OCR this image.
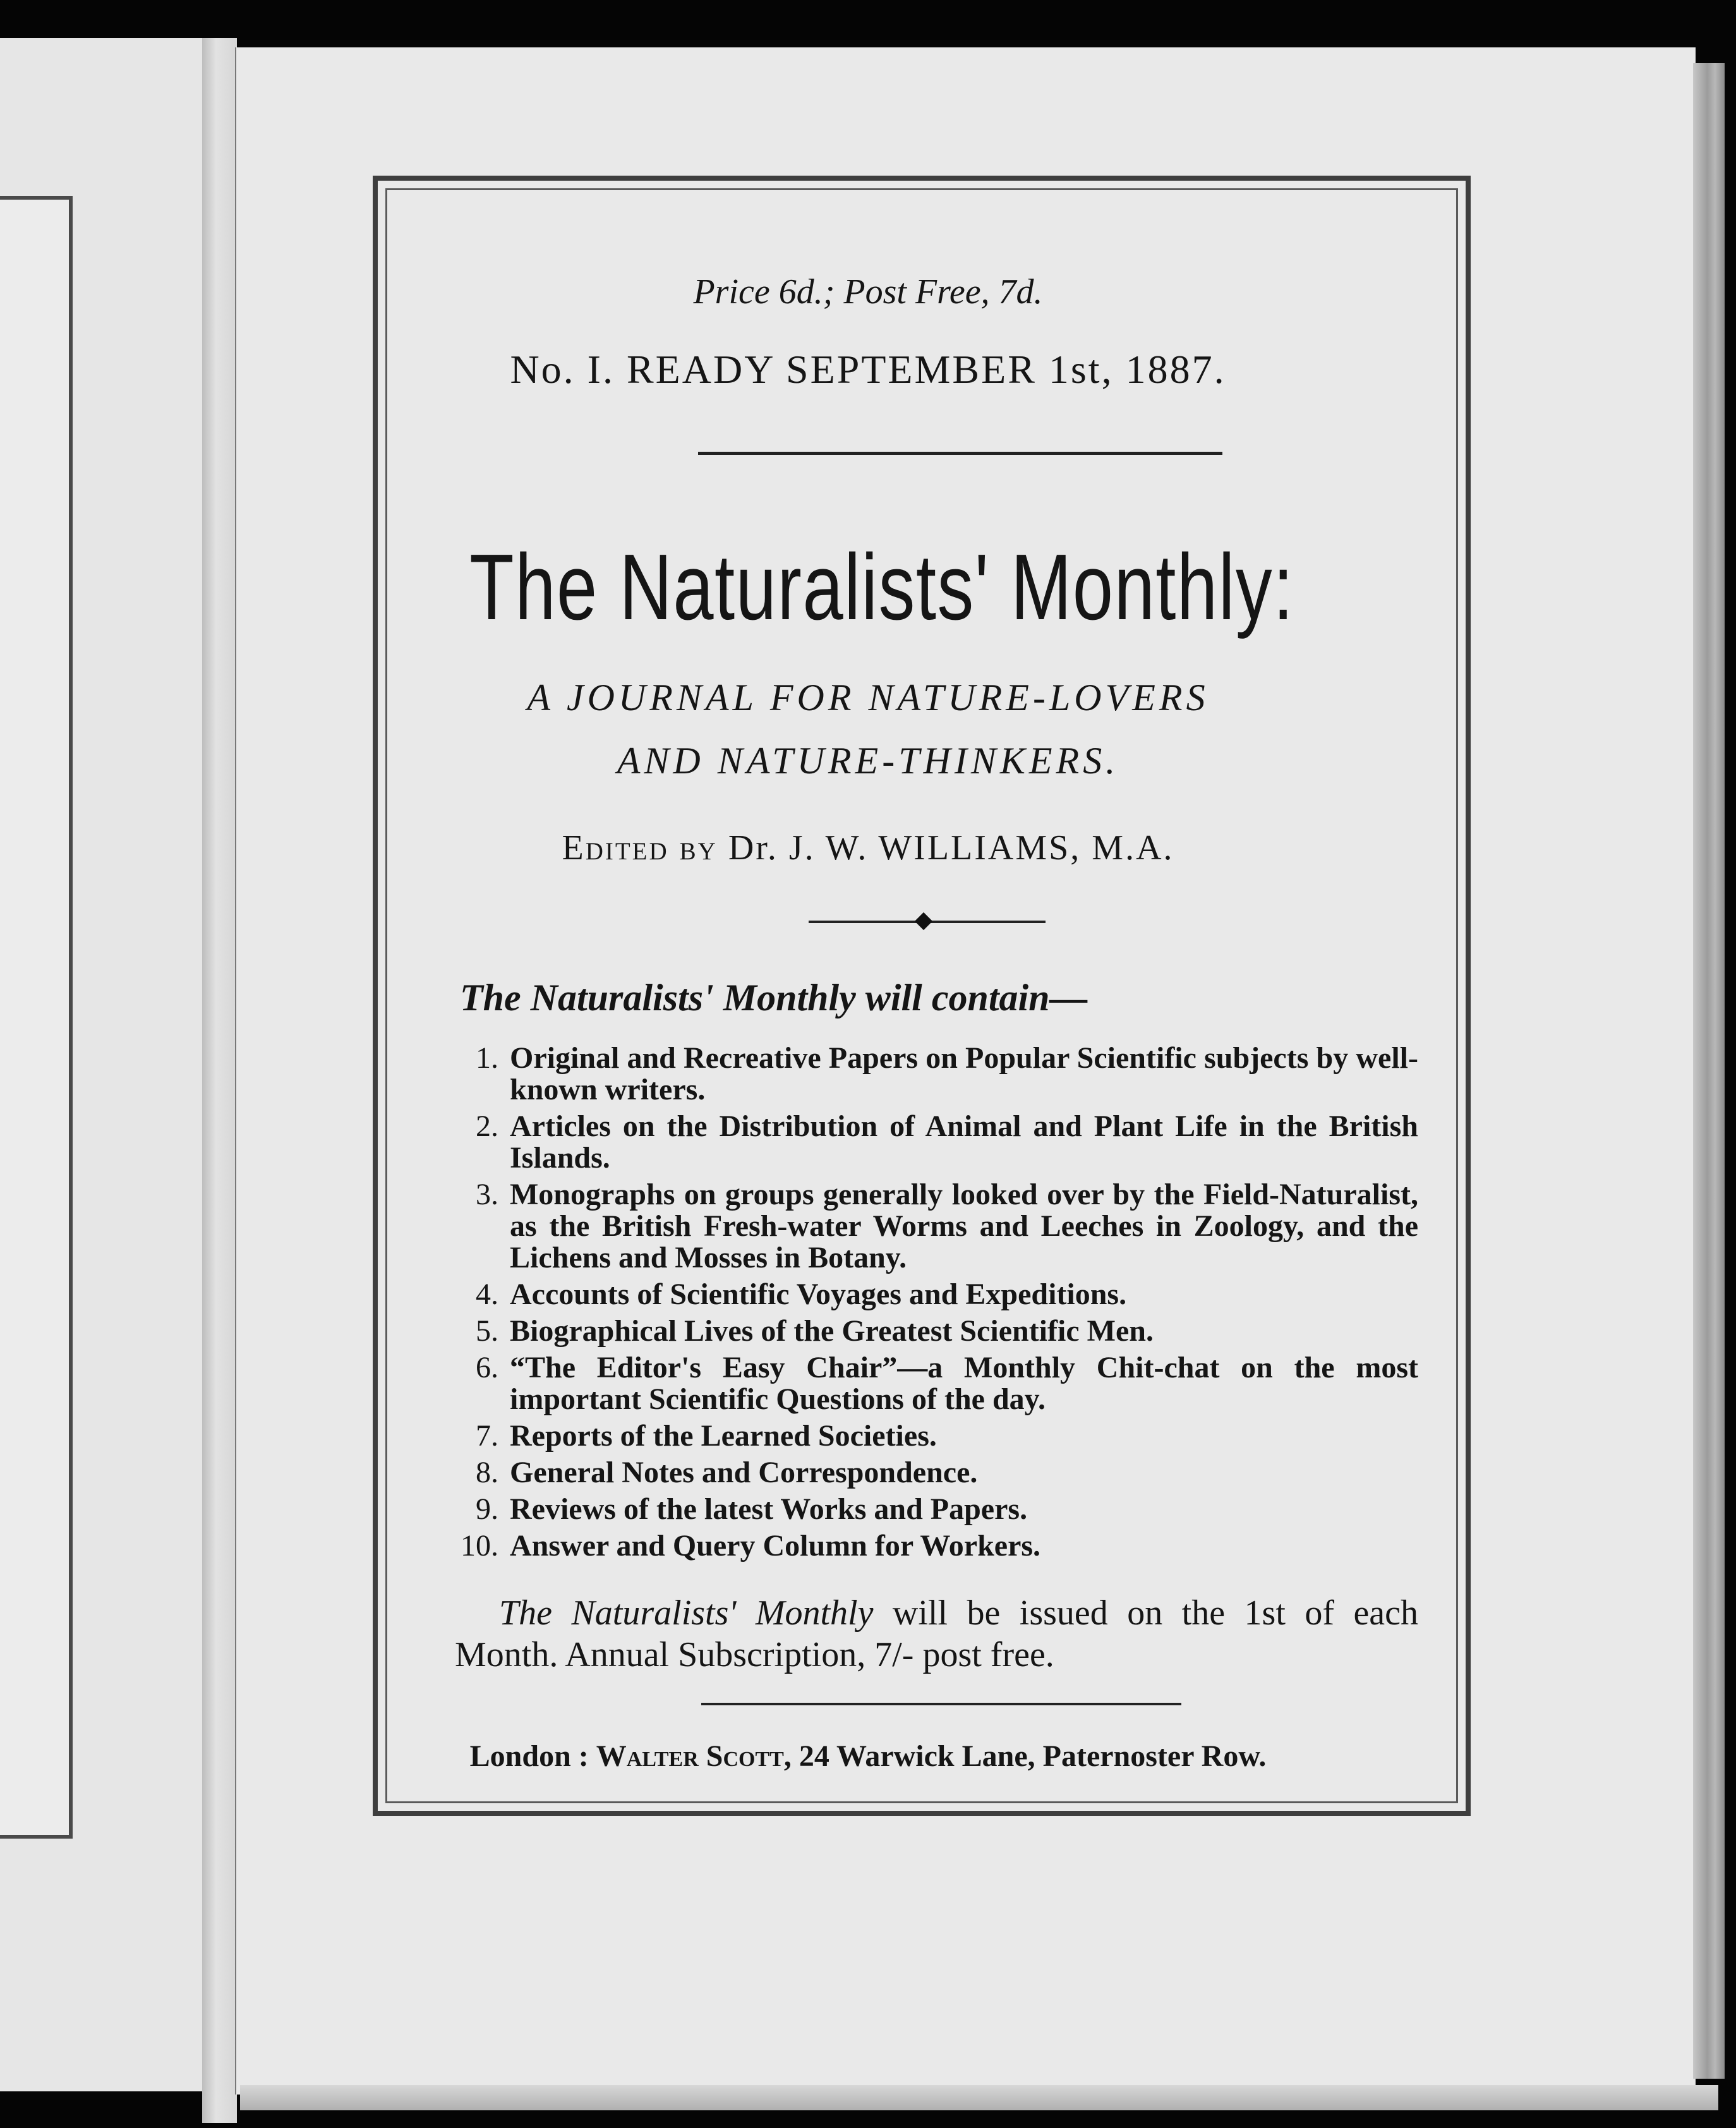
Price 6d.; Post Free, 7d.
No. I. READY SEPTEMBER 1st, 1887.
The Naturalists' Monthly:
A JOURNAL FOR NATURE-LOVERS
AND NATURE-THINKERS.
Edited by Dr. J. W. WILLIAMS, M.A.
The Naturalists' Monthly will contain—
1. Original and Recreative Papers on Popular Scientific subjects by well-known writers.
2. Articles on the Distribution of Animal and Plant Life in the British Islands.
3. Monographs on groups generally looked over by the Field-Naturalist, as the British Fresh-water Worms and Leeches in Zoology, and the Lichens and Mosses in Botany.
4. Accounts of Scientific Voyages and Expeditions.
5. Biographical Lives of the Greatest Scientific Men.
6. “The Editor's Easy Chair”—a Monthly Chit-chat on the most important Scientific Questions of the day.
7. Reports of the Learned Societies.
8. General Notes and Correspondence.
9. Reviews of the latest Works and Papers.
10. Answer and Query Column for Workers.
The Naturalists' Monthly will be issued on the 1st of each Month. Annual Subscription, 7/- post free.
London : Walter Scott, 24 Warwick Lane, Paternoster Row.
